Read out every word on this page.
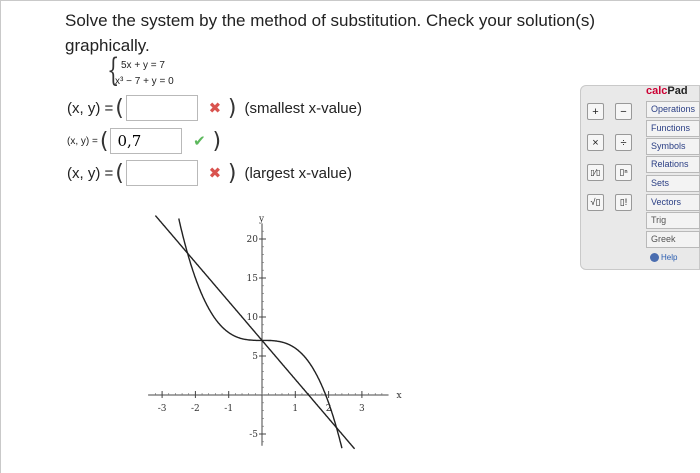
Solve the system by the method of substitution. Check your solution(s) graphically.
{ 5x + y = 7
x³ − 7 + y = 0
(x, y) = (	✖ ) (smallest x-value)
(x, y) = (
0,7	✔ )
(x, y) = (	✖ ) (largest x-value)
calcPad
+	−
×	÷
▯⁄▯	▯ⁿ
√▯	▯!
Operations
Functions
Symbols
Relations
Sets
Vectors
Trig
Greek
Help
x
y
-3	-2	-1	1	2	3
20
15
10
5
-5
